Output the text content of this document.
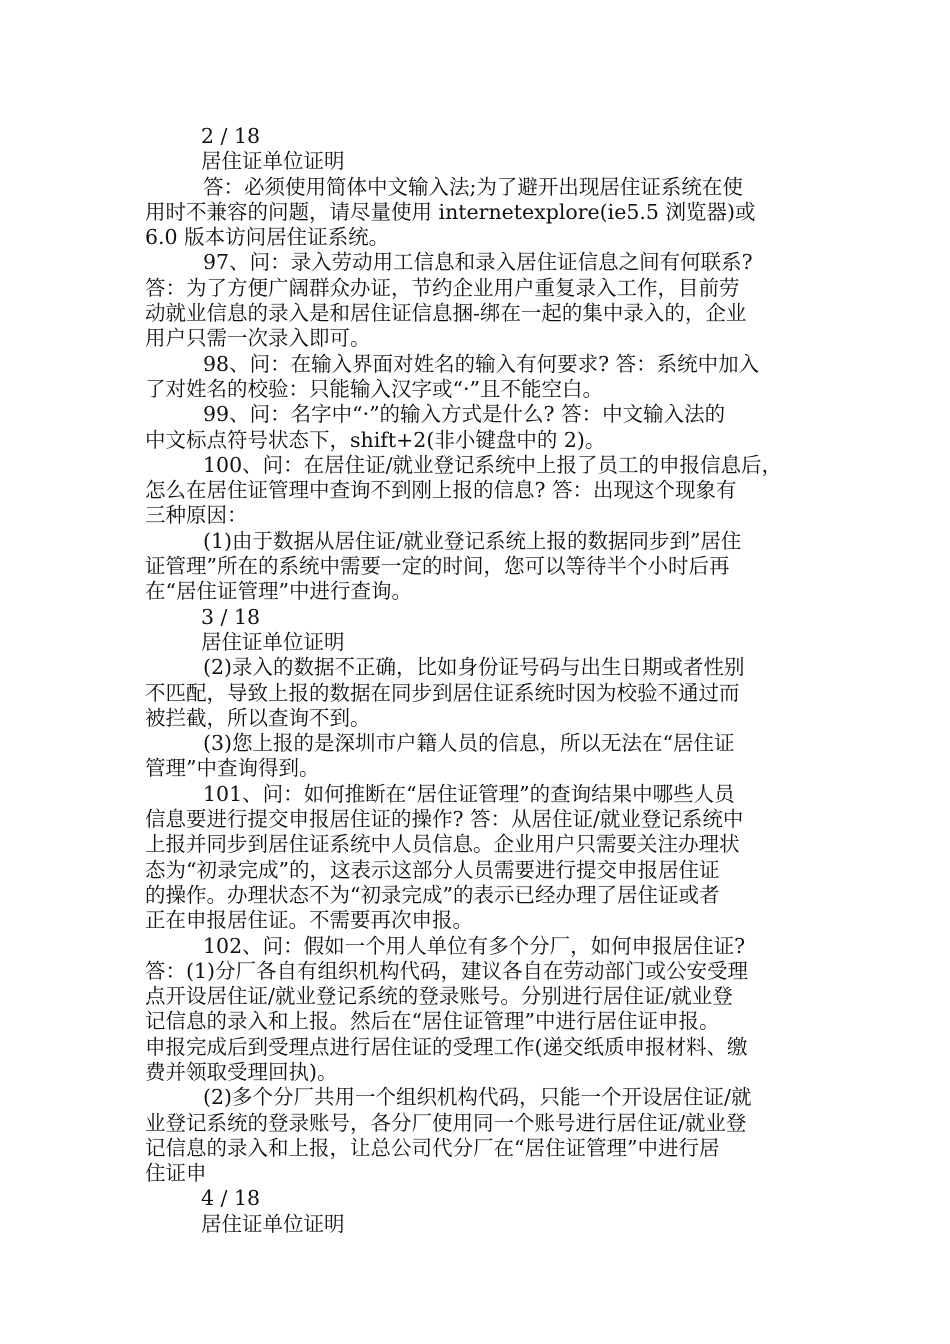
2 / 18
居住证单位证明
答：必须使用简体中文输入法;为了避开出现居住证系统在使
用时不兼容的问题，请尽量使用 internetexplore(ie5.5 浏览器)或
6.0 版本访问居住证系统。
97、问：录入劳动用工信息和录入居住证信息之间有何联系?
答：为了方便广阔群众办证，节约企业用户重复录入工作，目前劳
动就业信息的录入是和居住证信息捆-绑在一起的集中录入的，企业
用户只需一次录入即可。
98、问：在输入界面对姓名的输入有何要求? 答：系统中加入
了对姓名的校验：只能输入汉字或“·”且不能空白。
99、问：名字中“·”的输入方式是什么? 答：中文输入法的
中文标点符号状态下，shift+2(非小键盘中的 2)。
100、问：在居住证/就业登记系统中上报了员工的申报信息后，
怎么在居住证管理中查询不到刚上报的信息? 答：出现这个现象有
三种原因：
(1)由于数据从居住证/就业登记系统上报的数据同步到”居住
证管理”所在的系统中需要一定的时间，您可以等待半个小时后再
在“居住证管理”中进行查询。
3 / 18
居住证单位证明
(2)录入的数据不正确，比如身份证号码与出生日期或者性别
不匹配，导致上报的数据在同步到居住证系统时因为校验不通过而
被拦截，所以查询不到。
(3)您上报的是深圳市户籍人员的信息，所以无法在“居住证
管理”中查询得到。
101、问：如何推断在“居住证管理”的查询结果中哪些人员
信息要进行提交申报居住证的操作? 答：从居住证/就业登记系统中
上报并同步到居住证系统中人员信息。企业用户只需要关注办理状
态为“初录完成”的，这表示这部分人员需要进行提交申报居住证
的操作。办理状态不为“初录完成”的表示已经办理了居住证或者
正在申报居住证。不需要再次申报。
102、问：假如一个用人单位有多个分厂，如何申报居住证?
答：(1)分厂各自有组织机构代码，建议各自在劳动部门或公安受理
点开设居住证/就业登记系统的登录账号。分别进行居住证/就业登
记信息的录入和上报。然后在“居住证管理”中进行居住证申报。
申报完成后到受理点进行居住证的受理工作(递交纸质申报材料、缴
费并领取受理回执)。
(2)多个分厂共用一个组织机构代码，只能一个开设居住证/就
业登记系统的登录账号，各分厂使用同一个账号进行居住证/就业登
记信息的录入和上报，让总公司代分厂在“居住证管理”中进行居
住证申
4 / 18
居住证单位证明
